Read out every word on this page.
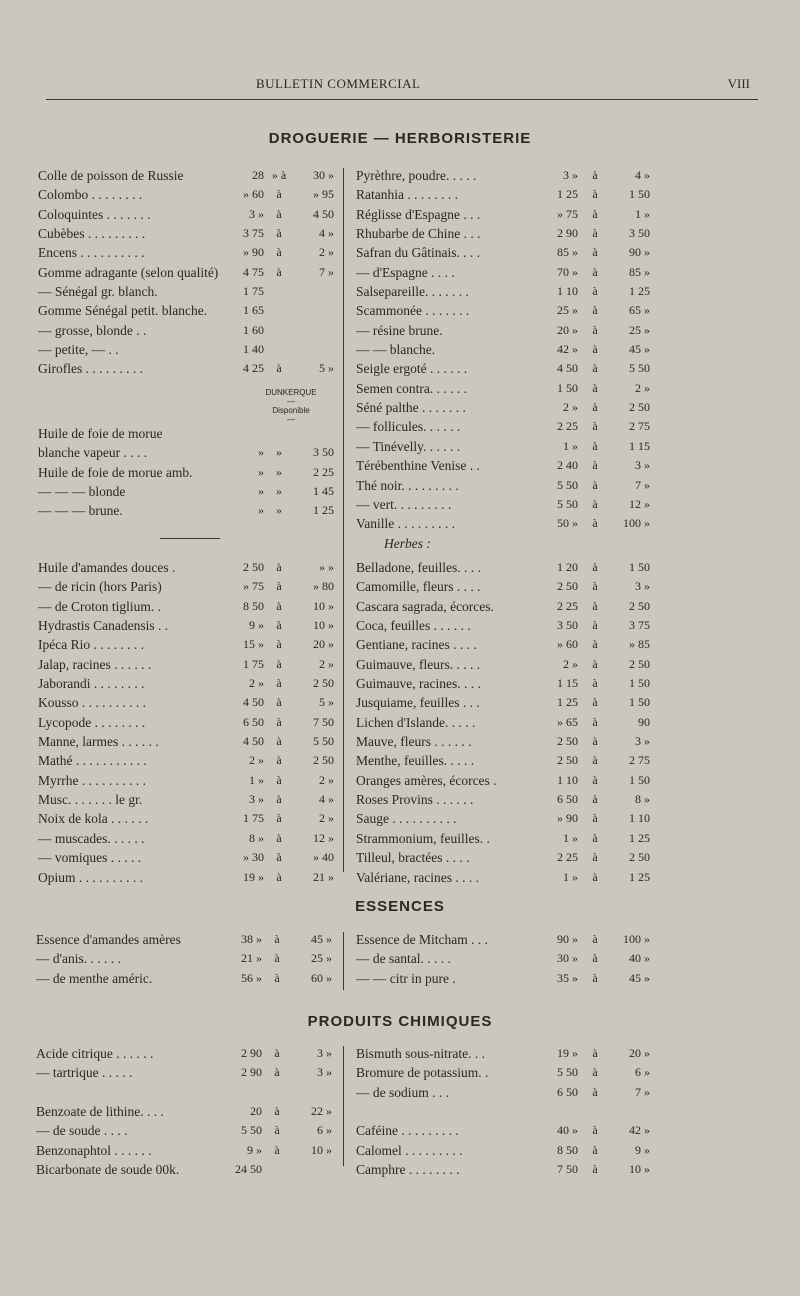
BULLETIN COMMERCIAL	VIII
DROGUERIE — HERBORISTERIE
Colle de poisson de Russie	28 » à	30 »
Colombo . . . . . . . .	» 60	à	» 95
Coloquintes . . . . . . .	3 »	à	4 50
Cubèbes . . . . . . . . .	3 75	à	4 »
Encens . . . . . . . . . .	» 90	à	2 »
Gomme adragante (selon qualité)	4 75	à	7 »
— Sénégal gr. blanch.	1 75
Gomme Sénégal petit. blanche.	1 65
— grosse, blonde . .	1 60
— petite, — . .	1 40
Girofles . . . . . . . . .	4 25	à	5 »
Huile de foie de morue
blanche vapeur . . . .	»	»	3 50
Huile de foie de morue amb.	»	»	2 25
— — — blonde	»	»	1 45
— — — brune.	»	»	1 25
Huile d'amandes douces .	2 50	à	» »
— de ricin (hors Paris)	» 75	à	» 80
— de Croton tiglium. .	8 50	à	10 »
Hydrastis Canadensis . .	9 »	à	10 »
Ipéca Rio . . . . . . . .	15 »	à	20 »
Jalap, racines . . . . . .	1 75	à	2 »
Jaborandi . . . . . . . .	2 »	à	2 50
Kousso . . . . . . . . . .	4 50	à	5 »
Lycopode . . . . . . . .	6 50	à	7 50
Manne, larmes . . . . . .	4 50	à	5 50
Mathé . . . . . . . . . . .	2 »	à	2 50
Myrrhe . . . . . . . . . .	1 »	à	2 »
Musc. . . . . . . le gr.	3 »	à	4 »
Noix de kola . . . . . .	1 75	à	2 »
— muscades. . . . . .	8 »	à	12 »
— vomiques . . . . .	» 30	à	» 40
Opium . . . . . . . . . .	19 »	à	21 »
DUNKERQUE
—
Disponible
—
Pyrèthre, poudre. . . . .	3 »	à	4 »
Ratanhia . . . . . . . .	1 25	à	1 50
Réglisse d'Espagne . . .	» 75	à	1 »
Rhubarbe de Chine . . .	2 90	à	3 50
Safran du Gâtinais. . . .	85 »	à	90 »
— d'Espagne . . . .	70 »	à	85 »
Salsepareille. . . . . . .	1 10	à	1 25
Scammonée . . . . . . .	25 »	à	65 »
— résine brune.	20 »	à	25 »
— — blanche.	42 »	à	45 »
Seigle ergoté . . . . . .	4 50	à	5 50
Semen contra. . . . . .	1 50	à	2 »
Séné palthe . . . . . . .	2 »	à	2 50
— follicules. . . . . .	2 25	à	2 75
— Tinévelly. . . . . .	1 »	à	1 15
Térébenthine Venise . .	2 40	à	3 »
Thé noir. . . . . . . . .	5 50	à	7 »
— vert. . . . . . . . .	5 50	à	12 »
Vanille . . . . . . . . .	50 »	à	100 »
Herbes :
Belladone, feuilles. . . .	1 20	à	1 50
Camomille, fleurs . . . .	2 50	à	3 »
Cascara sagrada, écorces.	2 25	à	2 50
Coca, feuilles . . . . . .	3 50	à	3 75
Gentiane, racines . . . .	» 60	à	» 85
Guimauve, fleurs. . . . .	2 »	à	2 50
Guimauve, racines. . . .	1 15	à	1 50
Jusquiame, feuilles . . .	1 25	à	1 50
Lichen d'Islande. . . . .	» 65	à	90
Mauve, fleurs . . . . . .	2 50	à	3 »
Menthe, feuilles. . . . .	2 50	à	2 75
Oranges amères, écorces .	1 10	à	1 50
Roses Provins . . . . . .	6 50	à	8 »
Sauge . . . . . . . . . .	» 90	à	1 10
Strammonium, feuilles. .	1 »	à	1 25
Tilleul, bractées . . . .	2 25	à	2 50
Valériane, racines . . . .	1 »	à	1 25
ESSENCES
Essence d'amandes amères	38 »	à	45 »
— d'anis. . . . . .	21 »	à	25 »
— de menthe améric.	56 »	à	60 »
Essence de Mitcham . . .	90 »	à	100 »
— de santal. . . . .	30 »	à	40 »
— — citr in pure .	35 »	à	45 »
PRODUITS CHIMIQUES
Acide citrique . . . . . .	2 90	à	3 »
— tartrique . . . . .	2 90	à	3 »
Benzoate de lithine. . . .	20	à	22 »
— de soude . . . .	5 50	à	6 »
Benzonaphtol . . . . . .	9 »	à	10 »
Bicarbonate de soude 00k.	24 50
Bismuth sous-nitrate. . .	19 »	à	20 »
Bromure de potassium. .	5 50	à	6 »
— de sodium . . .	6 50	à	7 »
Caféine . . . . . . . . .	40 »	à	42 »
Calomel . . . . . . . . .	8 50	à	9 »
Camphre . . . . . . . .	7 50	à	10 »
